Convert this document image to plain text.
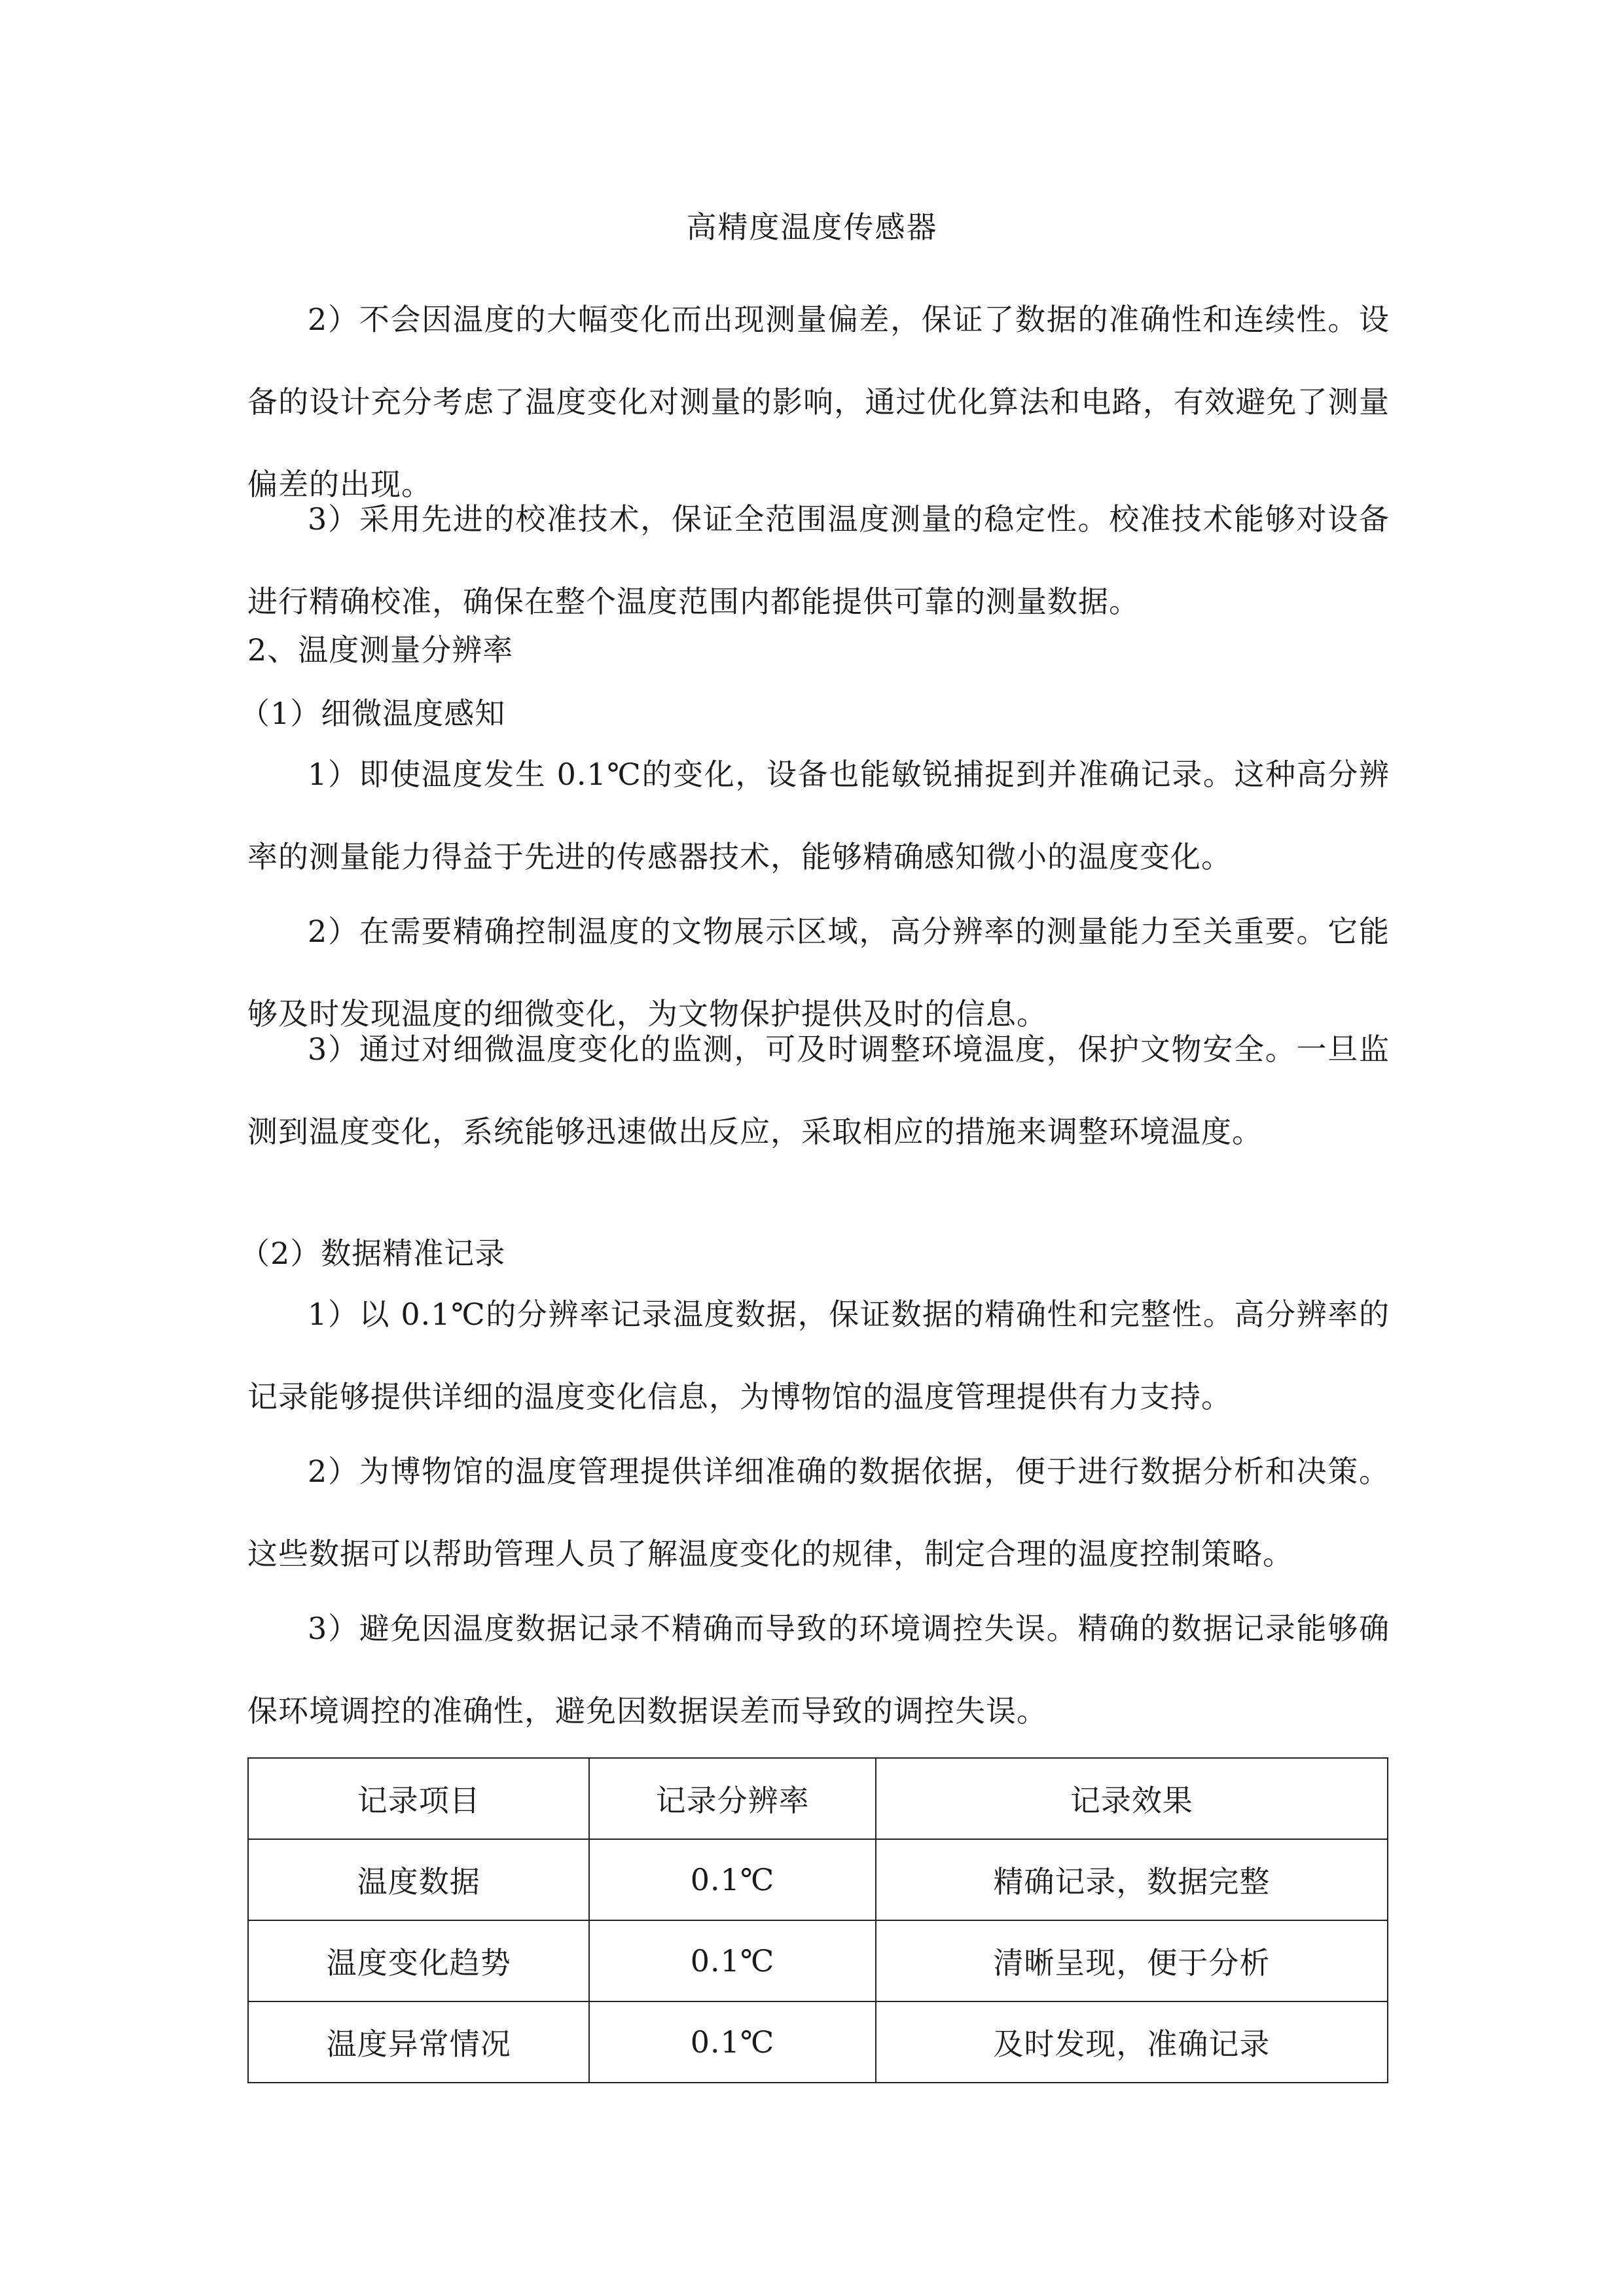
高精度温度传感器

2）不会因温度的大幅变化而出现测量偏差，保证了数据的准确性和连续性。设备的设计充分考虑了温度变化对测量的影响，通过优化算法和电路，有效避免了测量偏差的出现。

3）采用先进的校准技术，保证全范围温度测量的稳定性。校准技术能够对设备进行精确校准，确保在整个温度范围内都能提供可靠的测量数据。

2、温度测量分辨率

（1）细微温度感知

1）即使温度发生 0.1℃的变化，设备也能敏锐捕捉到并准确记录。这种高分辨率的测量能力得益于先进的传感器技术，能够精确感知微小的温度变化。

2）在需要精确控制温度的文物展示区域，高分辨率的测量能力至关重要。它能够及时发现温度的细微变化，为文物保护提供及时的信息。

3）通过对细微温度变化的监测，可及时调整环境温度，保护文物安全。一旦监测到温度变化，系统能够迅速做出反应，采取相应的措施来调整环境温度。

（2）数据精准记录

1）以 0.1℃的分辨率记录温度数据，保证数据的精确性和完整性。高分辨率的记录能够提供详细的温度变化信息，为博物馆的温度管理提供有力支持。

2）为博物馆的温度管理提供详细准确的数据依据，便于进行数据分析和决策。这些数据可以帮助管理人员了解温度变化的规律，制定合理的温度控制策略。

3）避免因温度数据记录不精确而导致的环境调控失误。精确的数据记录能够确保环境调控的准确性，避免因数据误差而导致的调控失误。

记录项目	记录分辨率	记录效果
温度数据	0.1℃	精确记录，数据完整
温度变化趋势	0.1℃	清晰呈现，便于分析
温度异常情况	0.1℃	及时发现，准确记录
